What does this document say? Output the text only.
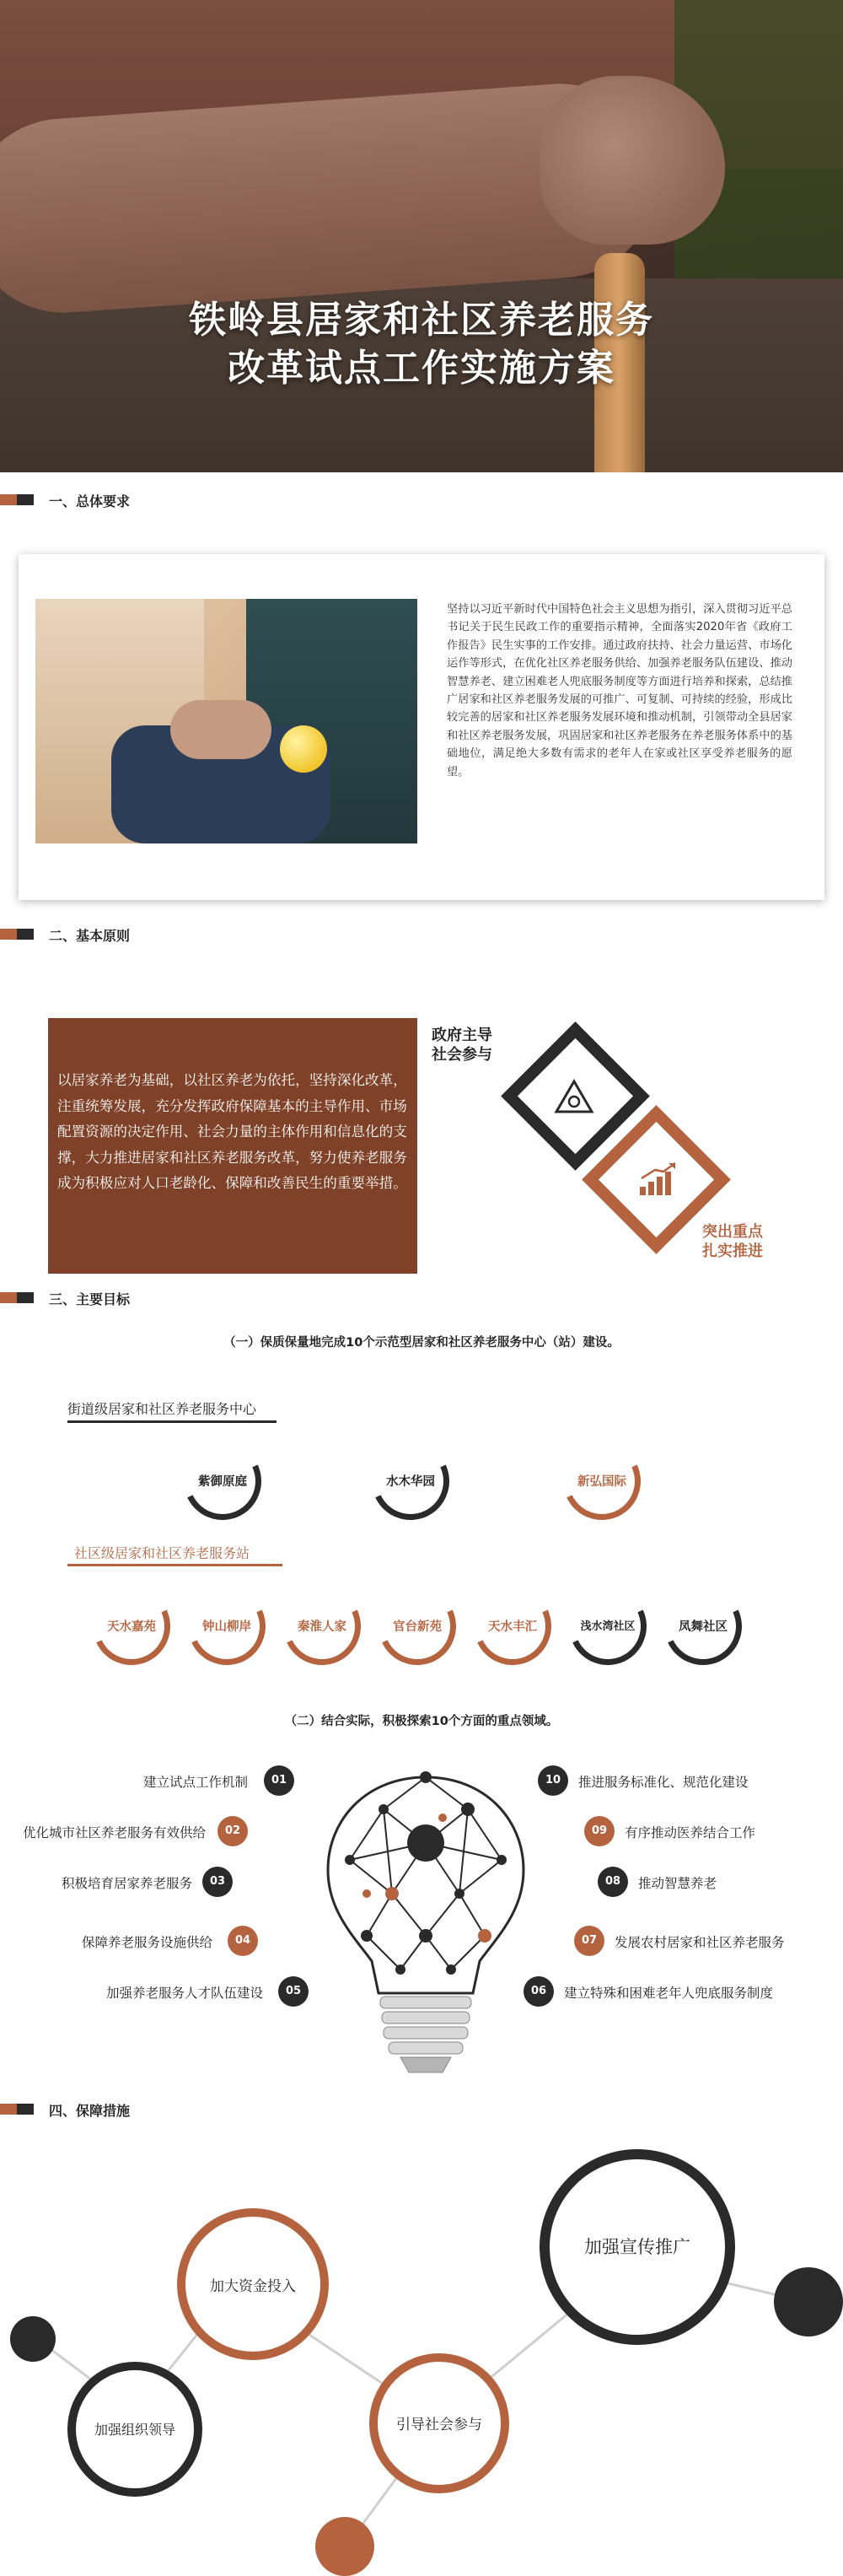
铁岭县居家和社区养老服务
改革试点工作实施方案
一、总体要求
坚持以习近平新时代中国特色社会主义思想为指引，深入贯彻习近平总书记关于民生民政工作的重要指示精神，全面落实2020年省《政府工作报告》民生实事的工作安排。通过政府扶持、社会力量运营、市场化运作等形式，在优化社区养老服务供给、加强养老服务队伍建设、推动智慧养老、建立困难老人兜底服务制度等方面进行培养和探索，总结推广居家和社区养老服务发展的可推广、可复制、可持续的经验，形成比较完善的居家和社区养老服务发展环境和推动机制，引领带动全县居家和社区养老服务发展，巩固居家和社区养老服务在养老服务体系中的基础地位，满足绝大多数有需求的老年人在家或社区享受养老服务的愿望。
二、基本原则
以居家养老为基础，以社区养老为依托，坚持深化改革，注重统筹发展，充分发挥政府保障基本的主导作用、市场配置资源的决定作用、社会力量的主体作用和信息化的支撑，大力推进居家和社区养老服务改革，努力使养老服务成为积极应对人口老龄化、保障和改善民生的重要举措。
政府主导
社会参与
突出重点
扎实推进
三、主要目标
（一）保质保量地完成10个示范型居家和社区养老服务中心（站）建设。
街道级居家和社区养老服务中心
紫御原庭	水木华园	新弘国际
社区级居家和社区养老服务站
天水嘉苑	钟山柳岸	秦淮人家	官台新苑	天水丰汇	浅水湾社区	凤舞社区
（二）结合实际，积极探索10个方面的重点领域。
01
建立试点工作机制
02
优化城市社区养老服务有效供给
03
积极培育居家养老服务
04
保障养老服务设施供给
05
加强养老服务人才队伍建设
10	推进服务标准化、规范化建设
09	有序推动医养结合工作
08	推动智慧养老
07	发展农村居家和社区养老服务
06	建立特殊和困难老年人兜底服务制度
四、保障措施
加强组织领导
加大资金投入
引导社会参与
加强宣传推广
